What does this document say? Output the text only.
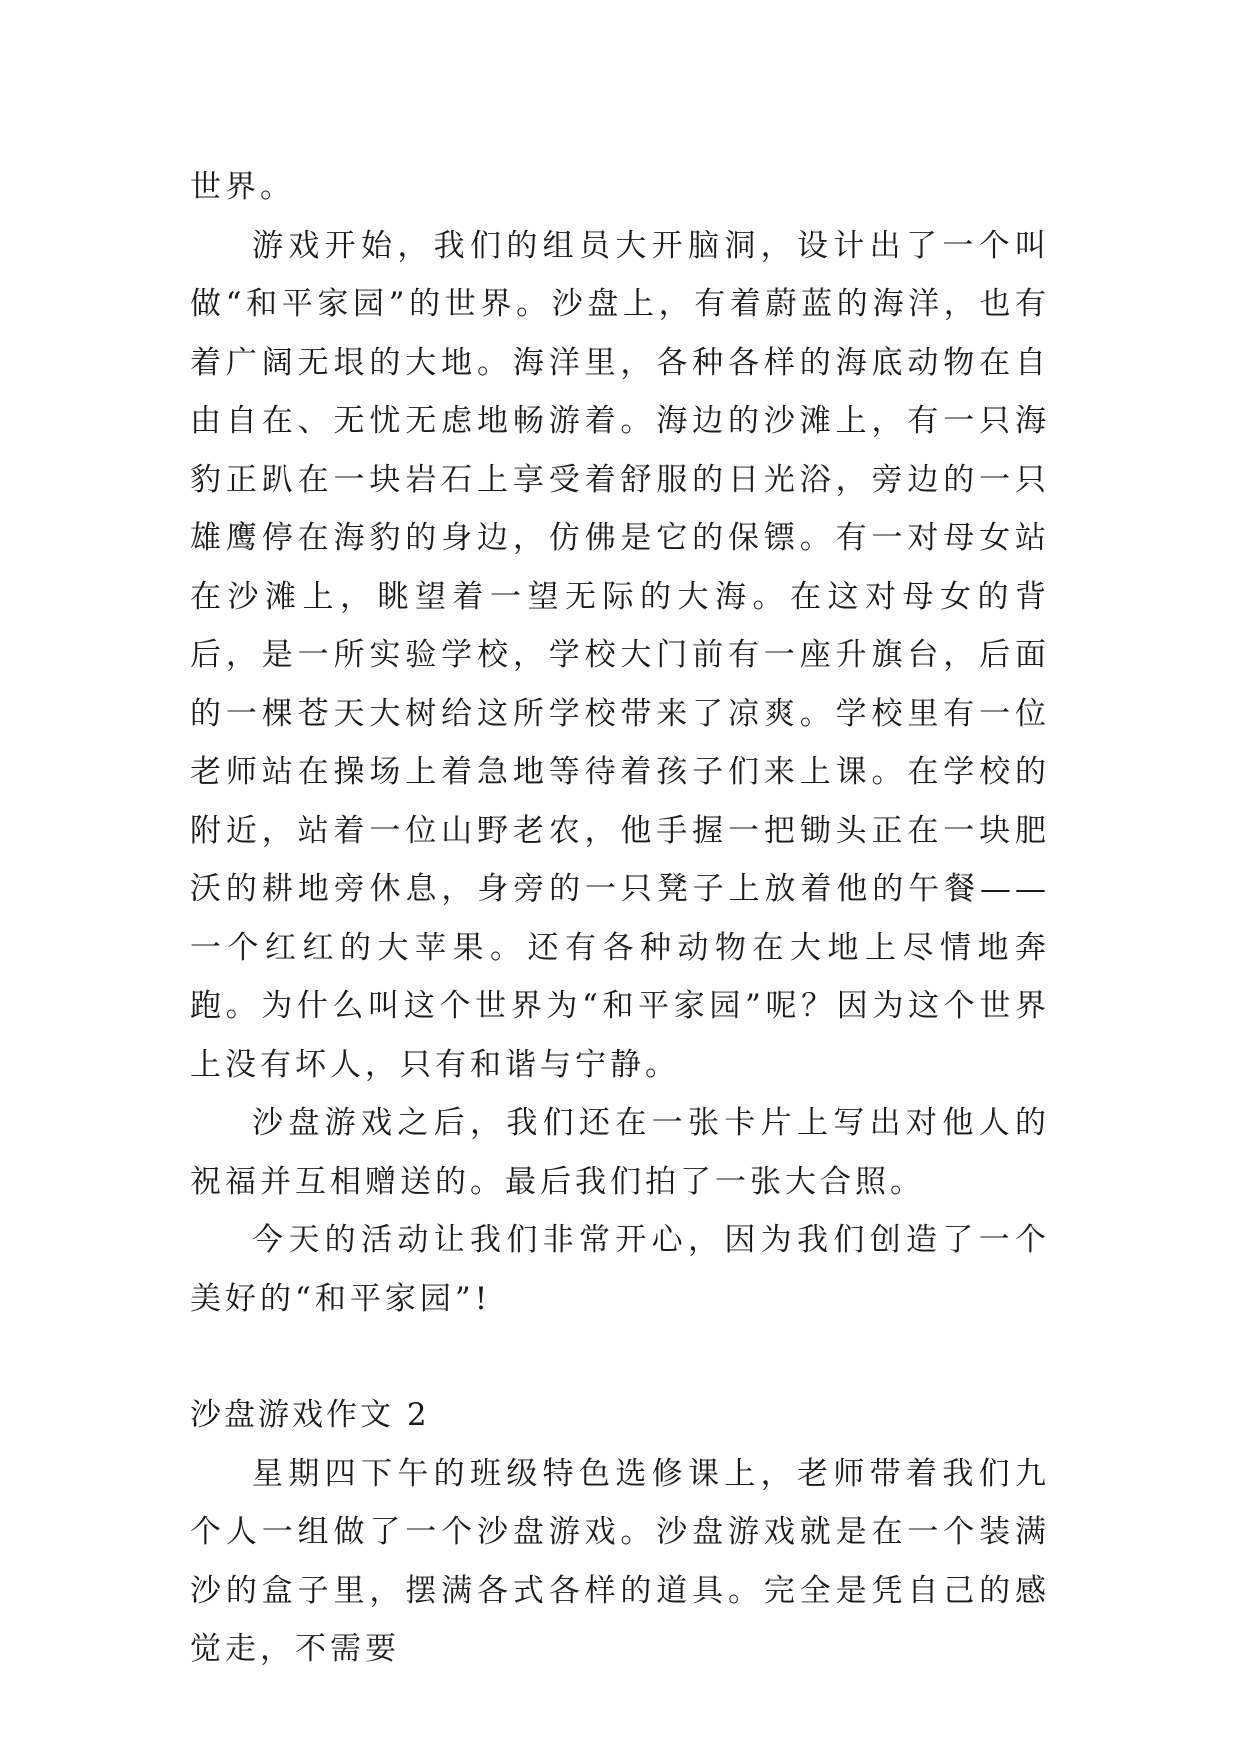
世界。

游戏开始，我们的组员大开脑洞，设计出了一个叫做“和平家园”的世界。沙盘上，有着蔚蓝的海洋，也有着广阔无垠的大地。海洋里，各种各样的海底动物在自由自在、无忧无虑地畅游着。海边的沙滩上，有一只海豹正趴在一块岩石上享受着舒服的日光浴，旁边的一只雄鹰停在海豹的身边，仿佛是它的保镖。有一对母女站在沙滩上，眺望着一望无际的大海。在这对母女的背后，是一所实验学校，学校大门前有一座升旗台，后面的一棵苍天大树给这所学校带来了凉爽。学校里有一位老师站在操场上着急地等待着孩子们来上课。在学校的附近，站着一位山野老农，他手握一把锄头正在一块肥沃的耕地旁休息，身旁的一只凳子上放着他的午餐——一个红红的大苹果。还有各种动物在大地上尽情地奔跑。为什么叫这个世界为“和平家园”呢？因为这个世界上没有坏人，只有和谐与宁静。

沙盘游戏之后，我们还在一张卡片上写出对他人的祝福并互相赠送的。最后我们拍了一张大合照。

今天的活动让我们非常开心，因为我们创造了一个美好的“和平家园”!

沙盘游戏作文 2

星期四下午的班级特色选修课上，老师带着我们九个人一组做了一个沙盘游戏。沙盘游戏就是在一个装满沙的盒子里，摆满各式各样的道具。完全是凭自己的感觉走，不需要
